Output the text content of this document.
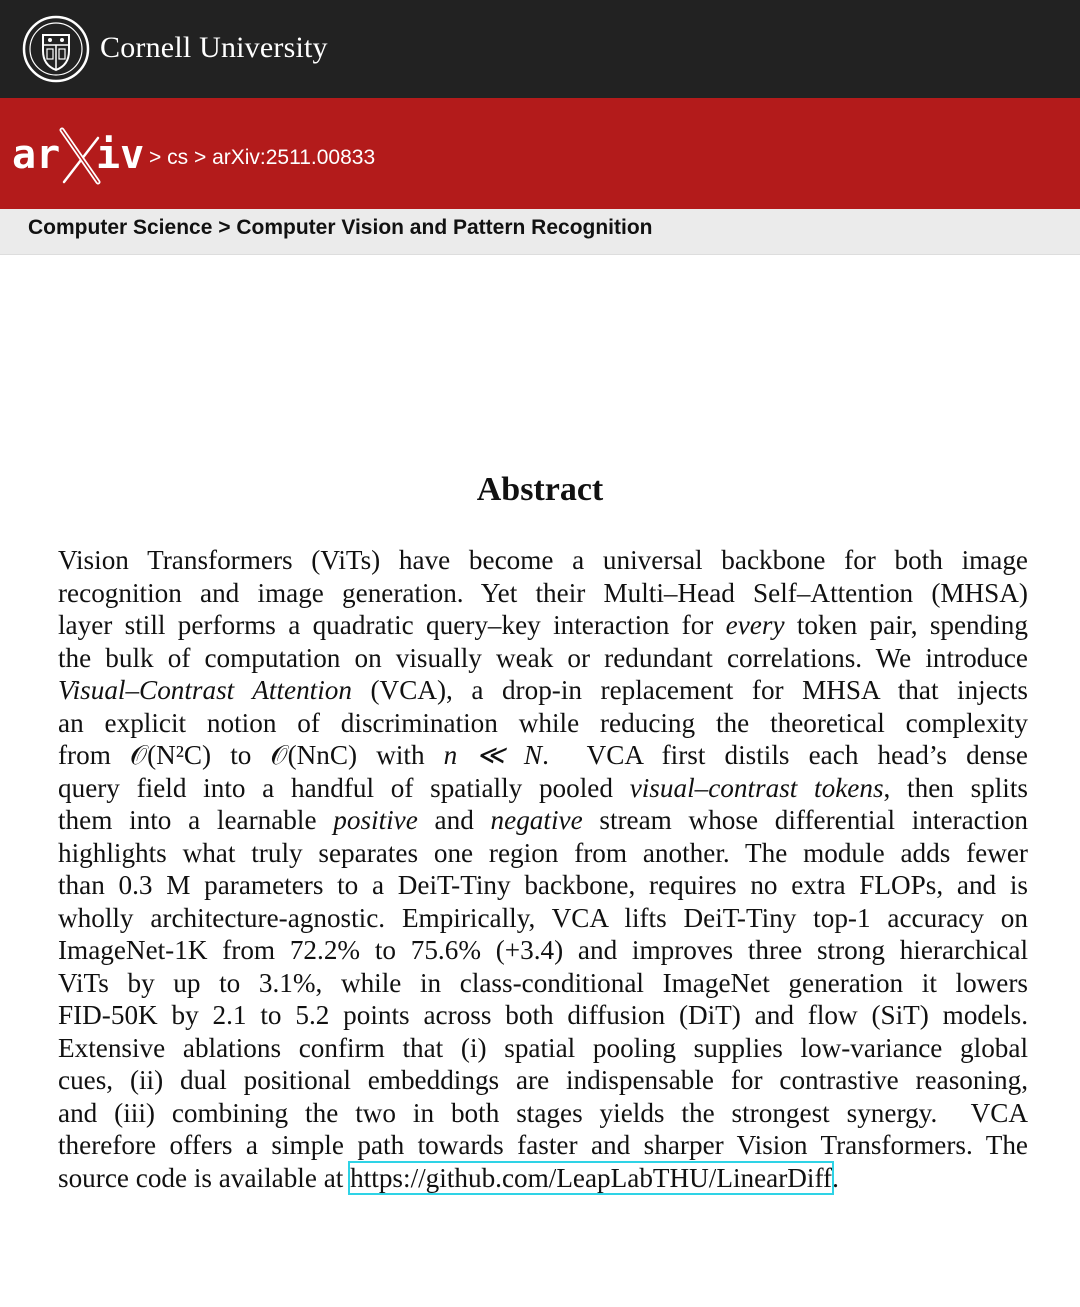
Cornell University
ar iv > cs > arXiv:2511.00833
Computer Science > Computer Vision and Pattern Recognition
Abstract
Vision Transformers (ViTs) have become a universal backbone for both image
recognition and image generation. Yet their Multi–Head Self–Attention (MHSA)
layer still performs a quadratic query–key interaction for every token pair, spending
the bulk of computation on visually weak or redundant correlations. We introduce
Visual–Contrast Attention (VCA), a drop-in replacement for MHSA that injects
an explicit notion of discrimination while reducing the theoretical complexity
from 𝒪(N²C) to 𝒪(NnC) with n ≪ N.  VCA first distils each head’s dense
query field into a handful of spatially pooled visual–contrast tokens, then splits
them into a learnable positive and negative stream whose differential interaction
highlights what truly separates one region from another. The module adds fewer
than 0.3 M parameters to a DeiT-Tiny backbone, requires no extra FLOPs, and is
wholly architecture-agnostic. Empirically, VCA lifts DeiT-Tiny top-1 accuracy on
ImageNet-1K from 72.2% to 75.6% (+3.4) and improves three strong hierarchical
ViTs by up to 3.1%, while in class-conditional ImageNet generation it lowers
FID-50K by 2.1 to 5.2 points across both diffusion (DiT) and flow (SiT) models.
Extensive ablations confirm that (i) spatial pooling supplies low-variance global
cues, (ii) dual positional embeddings are indispensable for contrastive reasoning,
and (iii) combining the two in both stages yields the strongest synergy.  VCA
therefore offers a simple path towards faster and sharper Vision Transformers. The
source code is available at https://github.com/LeapLabTHU/LinearDiff.
